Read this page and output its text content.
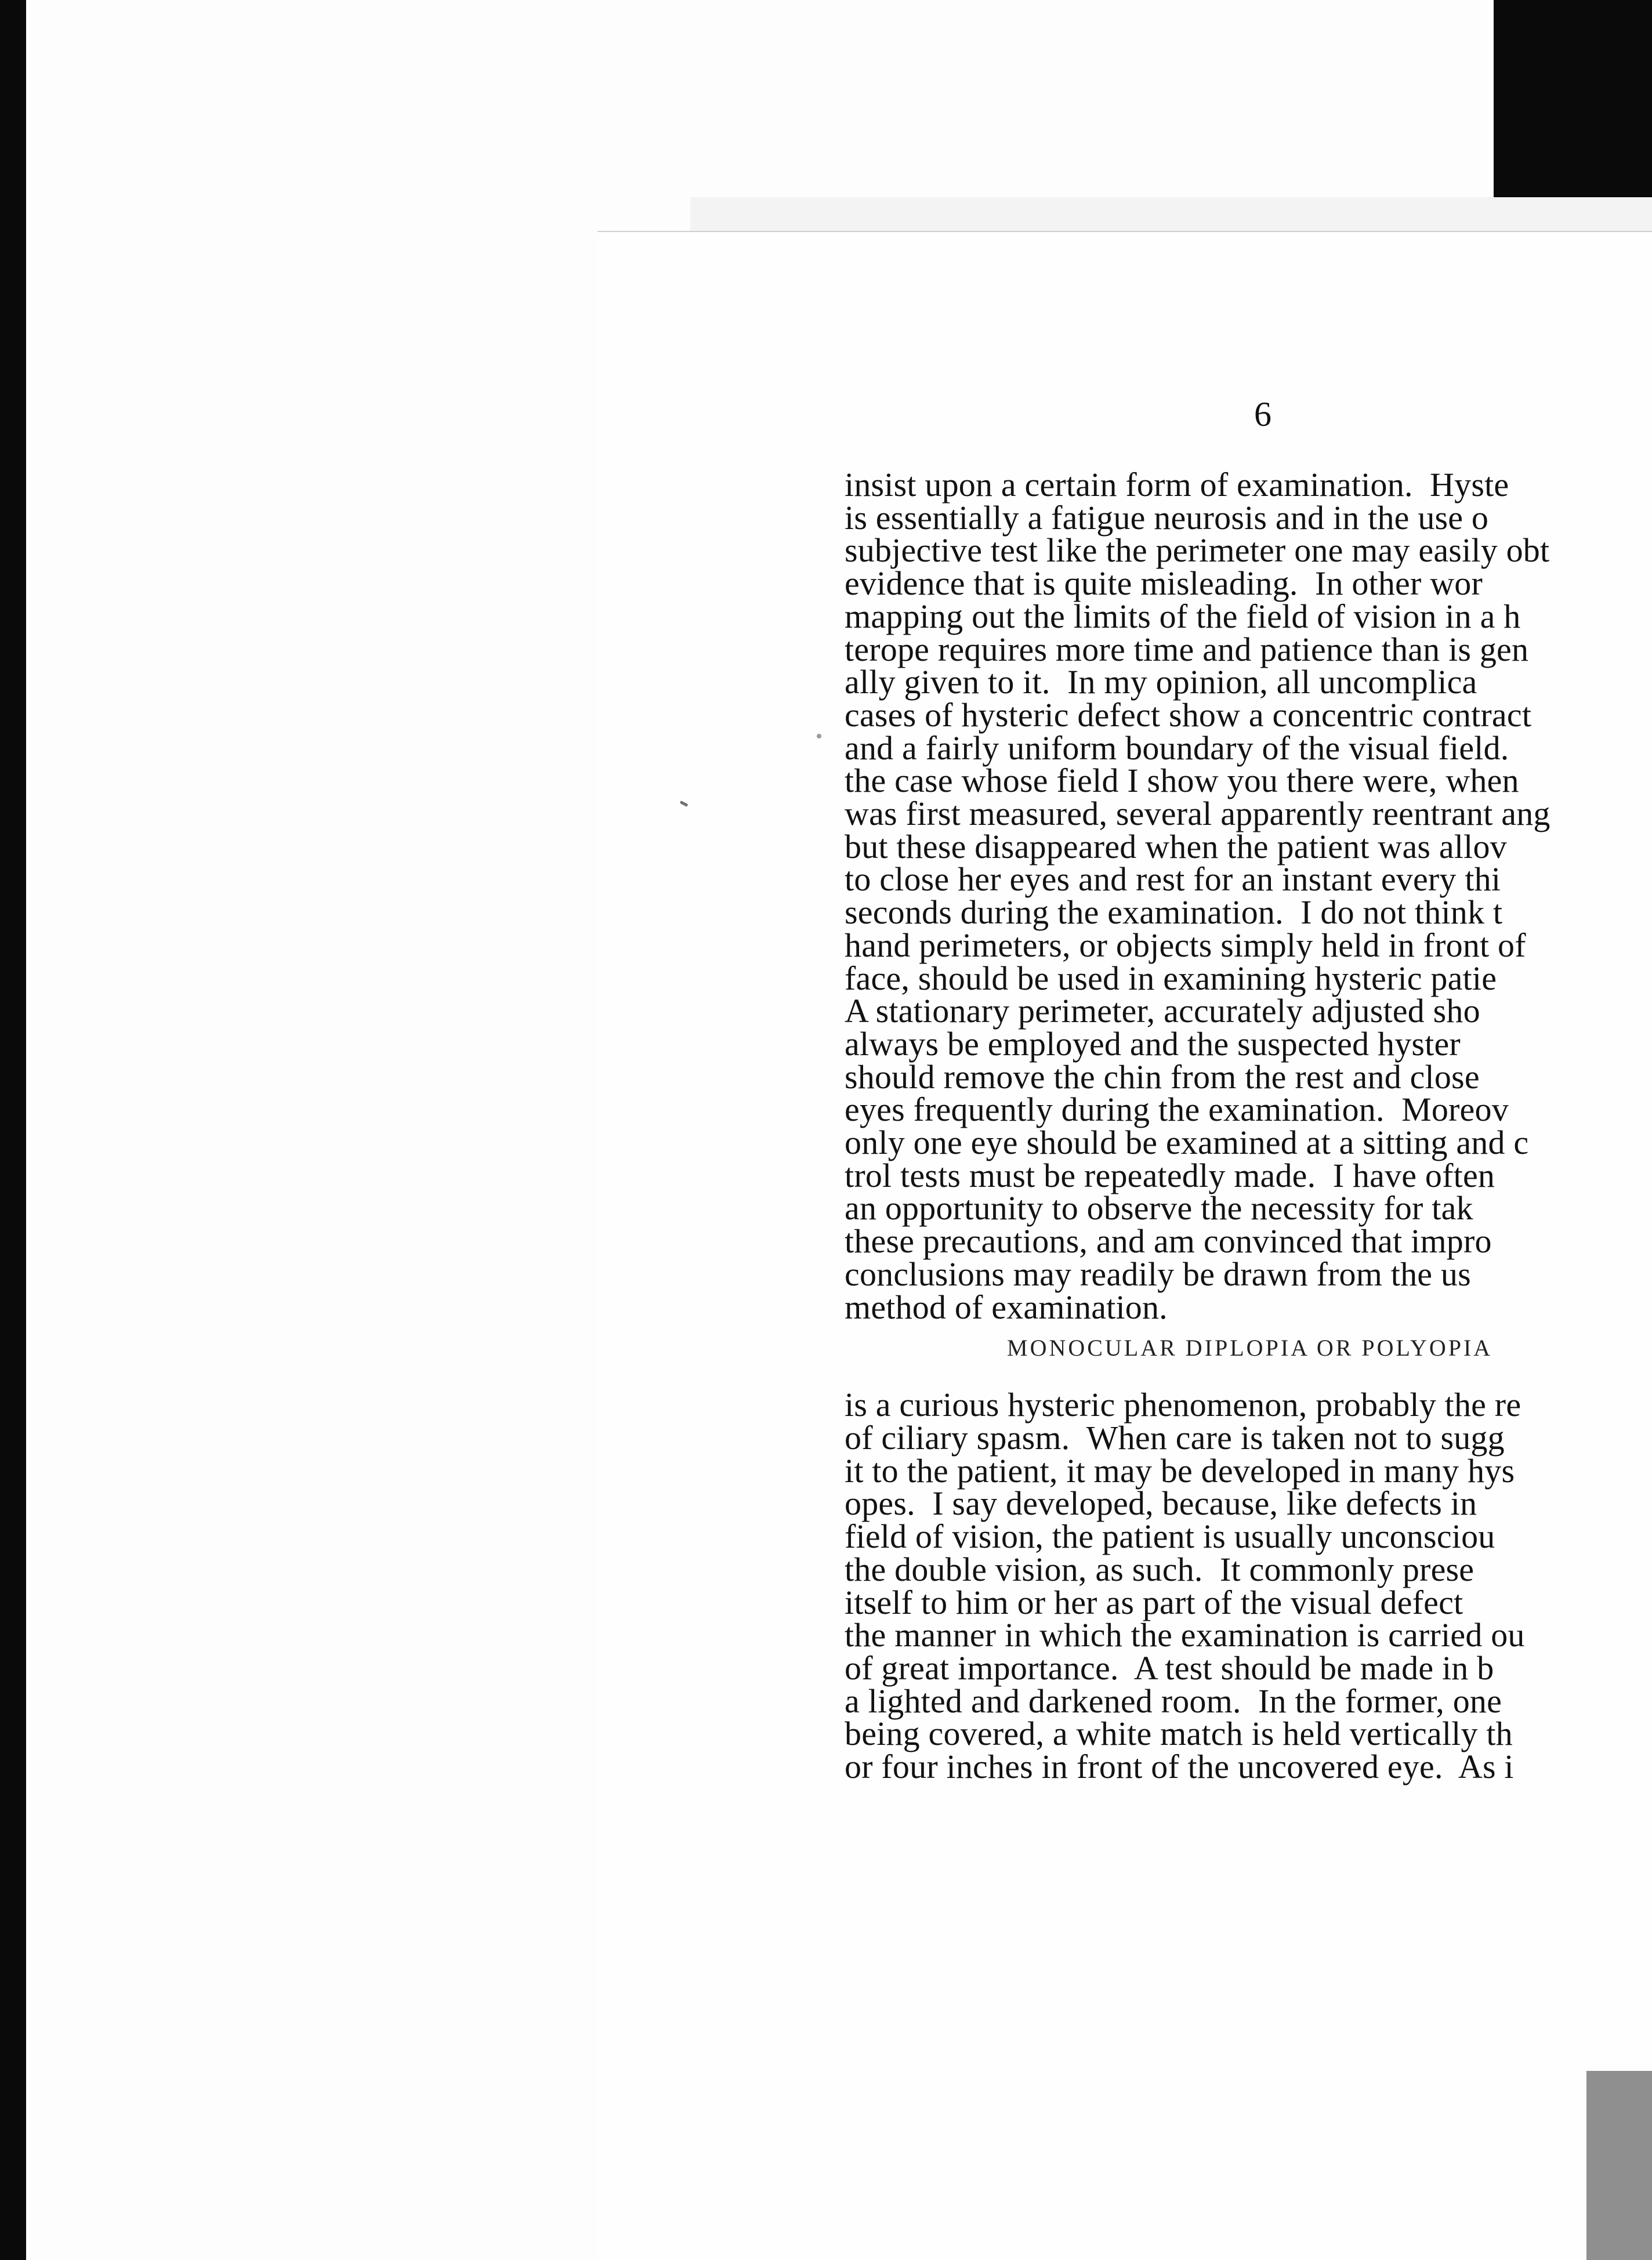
6

insist upon a certain form of examination.  Hyste
is essentially a fatigue neurosis and in the use o
subjective test like the perimeter one may easily obt
evidence that is quite misleading.  In other wor
mapping out the limits of the field of vision in a h
terope requires more time and patience than is gen
ally given to it.  In my opinion, all uncomplica
cases of hysteric defect show a concentric contract
and a fairly uniform boundary of the visual field.
the case whose field I show you there were, when
was first measured, several apparently reentrant ang
but these disappeared when the patient was allov
to close her eyes and rest for an instant every thi
seconds during the examination.  I do not think t
hand perimeters, or objects simply held in front of
face, should be used in examining hysteric patie
A stationary perimeter, accurately adjusted sho
always be employed and the suspected hyster
should remove the chin from the rest and close
eyes frequently during the examination.  Moreov
only one eye should be examined at a sitting and c
trol tests must be repeatedly made.  I have often
an opportunity to observe the necessity for tak
these precautions, and am convinced that impro
conclusions may readily be drawn from the us
method of examination.
MONOCULAR DIPLOPIA OR POLYOPIA
is a curious hysteric phenomenon, probably the re
of ciliary spasm.  When care is taken not to sugg
it to the patient, it may be developed in many hys
opes.  I say developed, because, like defects in
field of vision, the patient is usually unconsciou
the double vision, as such.  It commonly prese
itself to him or her as part of the visual defect
the manner in which the examination is carried ou
of great importance.  A test should be made in b
a lighted and darkened room.  In the former, one
being covered, a white match is held vertically th
or four inches in front of the uncovered eye.  As i
